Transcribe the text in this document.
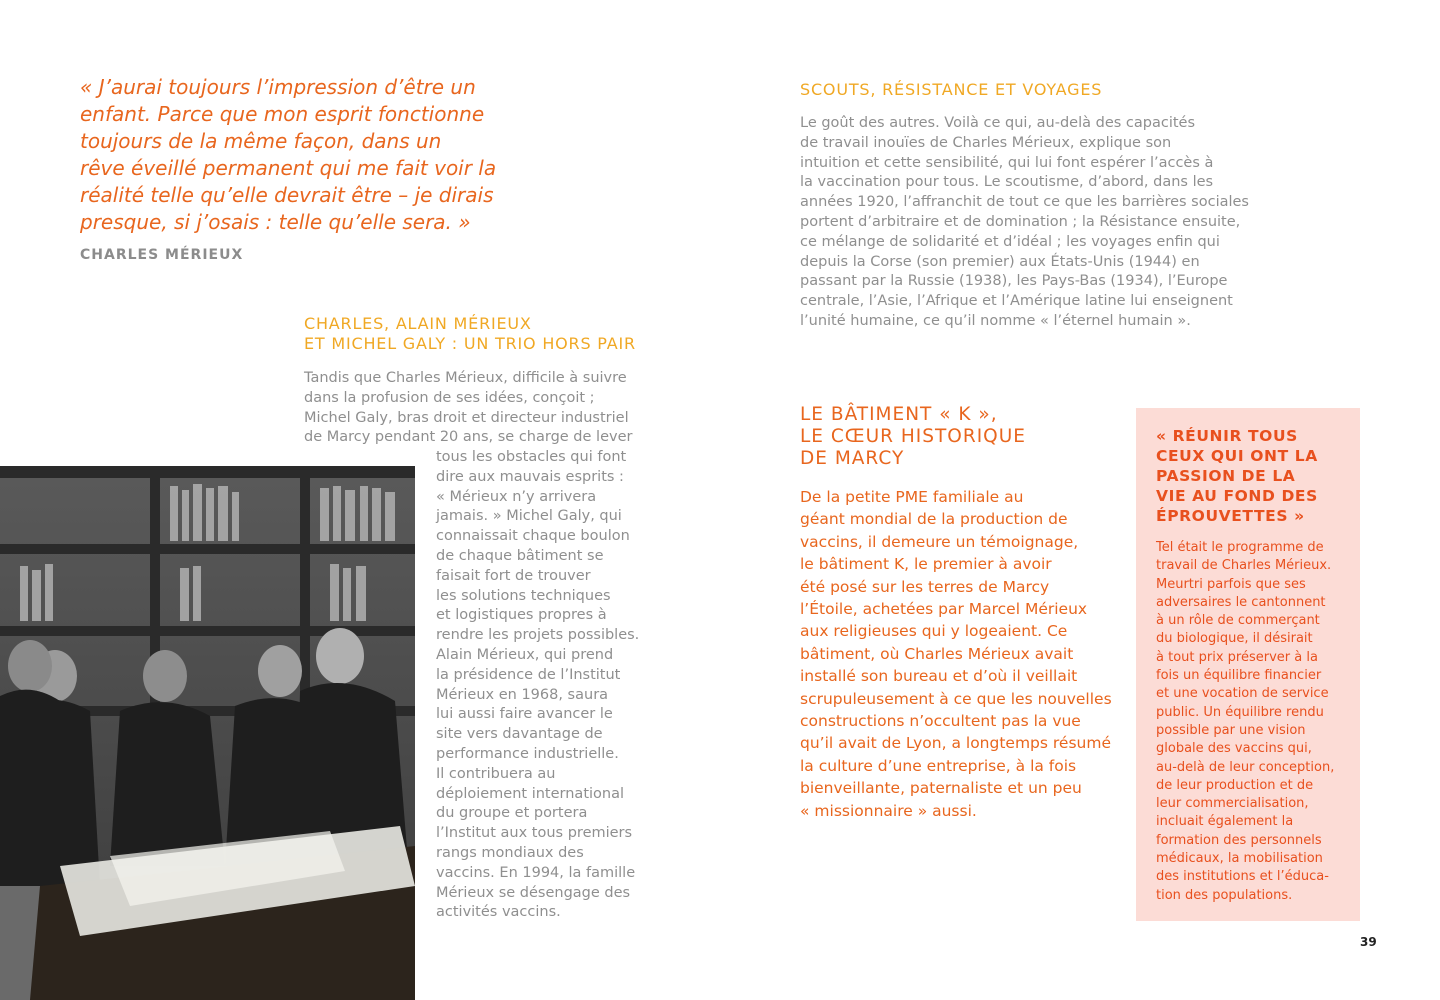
« J’aurai toujours l’impression d’être un
enfant. Parce que mon esprit fonctionne
toujours de la même façon, dans un
rêve éveillé permanent qui me fait voir la
réalité telle qu’elle devrait être – je dirais
presque, si j’osais : telle qu’elle sera. »
CHARLES MÉRIEUX
CHARLES, ALAIN MÉRIEUX
ET MICHEL GALY : UN TRIO HORS PAIR
Tandis que Charles Mérieux, difficile à suivre
dans la profusion de ses idées, conçoit ;
Michel Galy, bras droit et directeur industriel
de Marcy pendant 20 ans, se charge de lever
tous les obstacles qui font
dire aux mauvais esprits :
« Mérieux n’y arrivera
jamais. » Michel Galy, qui
connaissait chaque boulon
de chaque bâtiment se
faisait fort de trouver
les solutions techniques
et logistiques propres à
rendre les projets possibles.
Alain Mérieux, qui prend
la présidence de l’Institut
Mérieux en 1968, saura
lui aussi faire avancer le
site vers davantage de
performance industrielle.
Il contribuera au
déploiement international
du groupe et portera
l’Institut aux tous premiers
rangs mondiaux des
vaccins. En 1994, la famille
Mérieux se désengage des
activités vaccins.
SCOUTS, RÉSISTANCE ET VOYAGES
Le goût des autres. Voilà ce qui, au-delà des capacités
de travail inouïes de Charles Mérieux, explique son
intuition et cette sensibilité, qui lui font espérer l’accès à
la vaccination pour tous. Le scoutisme, d’abord, dans les
années 1920, l’affranchit de tout ce que les barrières sociales
portent d’arbitraire et de domination ; la Résistance ensuite,
ce mélange de solidarité et d’idéal ; les voyages enfin qui
depuis la Corse (son premier) aux États-Unis (1944) en
passant par la Russie (1938), les Pays-Bas (1934), l’Europe
centrale, l’Asie, l’Afrique et l’Amérique latine lui enseignent
l’unité humaine, ce qu’il nomme « l’éternel humain ».
LE BÂTIMENT « K »,
LE CŒUR HISTORIQUE
DE MARCY
De la petite PME familiale au
géant mondial de la production de
vaccins, il demeure un témoignage,
le bâtiment K, le premier à avoir
été posé sur les terres de Marcy
l’Étoile, achetées par Marcel Mérieux
aux religieuses qui y logeaient. Ce
bâtiment, où Charles Mérieux avait
installé son bureau et d’où il veillait
scrupuleusement à ce que les nouvelles
constructions n’occultent pas la vue
qu’il avait de Lyon, a longtemps résumé
la culture d’une entreprise, à la fois
bienveillante, paternaliste et un peu
« missionnaire » aussi.
« RÉUNIR TOUS
CEUX QUI ONT LA
PASSION DE LA
VIE AU FOND DES
ÉPROUVETTES »
Tel était le programme de
travail de Charles Mérieux.
Meurtri parfois que ses
adversaires le cantonnent
à un rôle de commerçant
du biologique, il désirait
à tout prix préserver à la
fois un équilibre financier
et une vocation de service
public. Un équilibre rendu
possible par une vision
globale des vaccins qui,
au-delà de leur conception,
de leur production et de
leur commercialisation,
incluait également la
formation des personnels
médicaux, la mobilisation
des institutions et l’éduca-
tion des populations.
39
